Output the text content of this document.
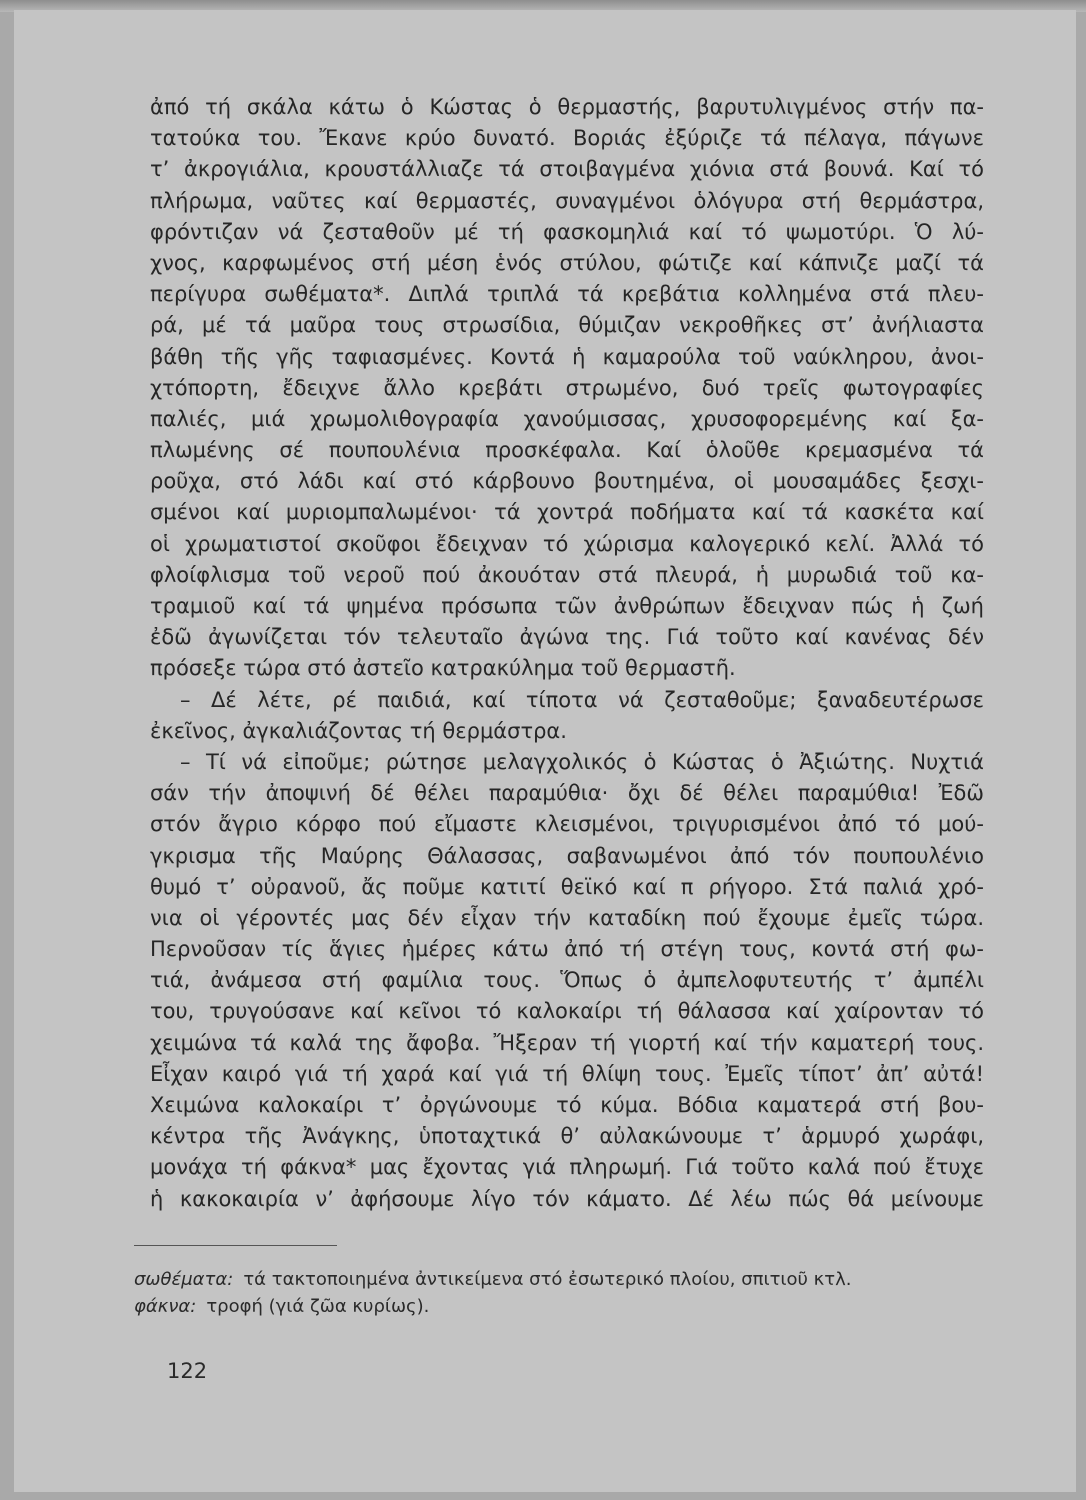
ἀπό τή σκάλα κάτω ὁ Κώστας ὁ θερμαστής, βαρυτυλιγμένος στήν πα-
τατούκα του. Ἔκανε κρύο δυνατό. Βοριάς ἐξύριζε τά πέλαγα, πάγωνε
τ’ ἀκρογιάλια, κρουστάλλιαζε τά στοιβαγμένα χιόνια στά βουνά. Καί τό
πλήρωμα, ναῦτες καί θερμαστές, συναγμένοι ὁλόγυρα στή θερμάστρα,
φρόντιζαν νά ζεσταθοῦν μέ τή φασκομηλιά καί τό ψωμοτύρι. Ὁ λύ-
χνος, καρφωμένος στή μέση ἑνός στύλου, φώτιζε καί κάπνιζε μαζί τά
περίγυρα σωθέματα*. Διπλά τριπλά τά κρεβάτια κολλημένα στά πλευ-
ρά, μέ τά μαῦρα τους στρωσίδια, θύμιζαν νεκροθῆκες στ’ ἀνήλιαστα
βάθη τῆς γῆς ταφιασμένες. Κοντά ἡ καμαρούλα τοῦ ναύκληρου, ἀνοι-
χτόπορτη, ἔδειχνε ἄλλο κρεβάτι στρωμένο, δυό τρεῖς φωτογραφίες
παλιές, μιά χρωμολιθογραφία χανούμισσας, χρυσοφορεμένης καί ξα-
πλωμένης σέ πουπουλένια προσκέφαλα. Καί ὁλοῦθε κρεμασμένα τά
ροῦχα, στό λάδι καί στό κάρβουνο βουτημένα, οἱ μουσαμάδες ξεσχι-
σμένοι καί μυριομπαλωμένοι· τά χοντρά ποδήματα καί τά κασκέτα καί
οἱ χρωματιστοί σκοῦφοι ἔδειχναν τό χώρισμα καλογερικό κελί. Ἀλλά τό
φλοίφλισμα τοῦ νεροῦ πού ἀκουόταν στά πλευρά, ἡ μυρωδιά τοῦ κα-
τραμιοῦ καί τά ψημένα πρόσωπα τῶν ἀνθρώπων ἔδειχναν πώς ἡ ζωή
ἐδῶ ἀγωνίζεται τόν τελευταῖο ἀγώνα της. Γιά τοῦτο καί κανένας δέν
πρόσεξε τώρα στό ἀστεῖο κατρακύλημα τοῦ θερμαστῆ.
– Δέ λέτε, ρέ παιδιά, καί τίποτα νά ζεσταθοῦμε; ξαναδευτέρωσε
ἐκεῖνος, ἀγκαλιάζοντας τή θερμάστρα.
– Τί νά εἰποῦμε; ρώτησε μελαγχολικός ὁ Κώστας ὁ Ἀξιώτης. Νυχτιά
σάν τήν ἀποψινή δέ θέλει παραμύθια· ὄχι δέ θέλει παραμύθια! Ἐδῶ
στόν ἄγριο κόρφο πού εἴμαστε κλεισμένοι, τριγυρισμένοι ἀπό τό μού-
γκρισμα τῆς Μαύρης Θάλασσας, σαβανωμένοι ἀπό τόν πουπουλένιο
θυμό τ’ οὐρανοῦ, ἄς ποῦμε κατιτί θεϊκό καί π ρήγορο. Στά παλιά χρό-
νια οἱ γέροντές μας δέν εἶχαν τήν καταδίκη πού ἔχουμε ἐμεῖς τώρα.
Περνοῦσαν τίς ἅγιες ἡμέρες κάτω ἀπό τή στέγη τους, κοντά στή φω-
τιά, ἀνάμεσα στή φαμίλια τους. Ὅπως ὁ ἀμπελοφυτευτής τ’ ἀμπέλι
του, τρυγούσανε καί κεῖνοι τό καλοκαίρι τή θάλασσα καί χαίρονταν τό
χειμώνα τά καλά της ἄφοβα. Ἤξεραν τή γιορτή καί τήν καματερή τους.
Εἶχαν καιρό γιά τή χαρά καί γιά τή θλίψη τους. Ἐμεῖς τίποτ’ ἀπ’ αὐτά!
Χειμώνα καλοκαίρι τ’ ὀργώνουμε τό κύμα. Βόδια καματερά στή βου-
κέντρα τῆς Ἀνάγκης, ὑποταχτικά θ’ αὐλακώνουμε τ’ ἁρμυρό χωράφι,
μονάχα τή φάκνα* μας ἔχοντας γιά πληρωμή. Γιά τοῦτο καλά πού ἔτυχε
ἡ κακοκαιρία ν’ ἀφήσουμε λίγο τόν κάματο. Δέ λέω πώς θά μείνουμε
σωθέματα: τά τακτοποιημένα ἀντικείμενα στό ἐσωτερικό πλοίου, σπιτιοῦ κτλ.
φάκνα: τροφή (γιά ζῶα κυρίως).
122
